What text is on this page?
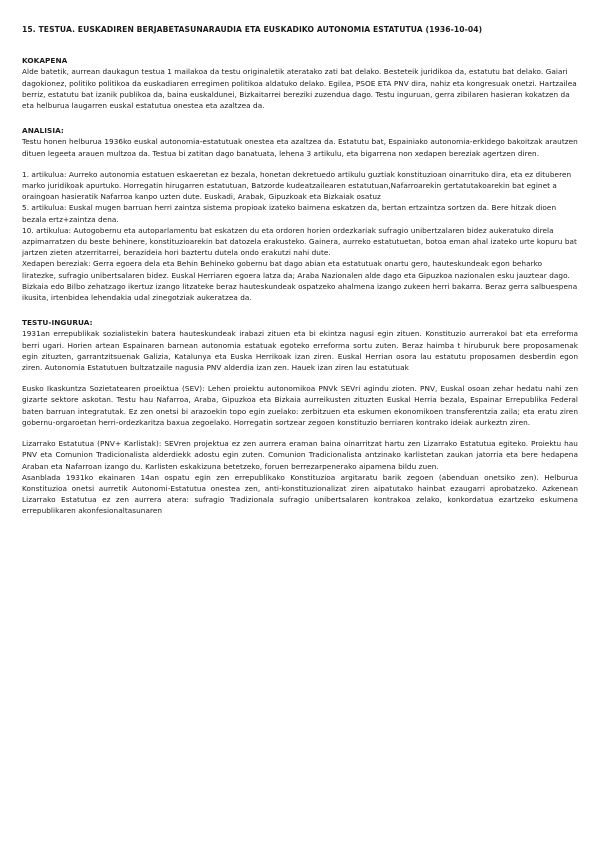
15. TESTUA. EUSKADIREN BERJABETASUNARAUDIA ETA EUSKADIKO AUTONOMIA ESTATUTUA (1936-10-04)

KOKAPENA

Alde batetik, aurrean daukagun testua 1 mailakoa da testu originaletik ateratako zati bat delako. Besteteik juridikoa da, estatutu bat delako. Gaiari dagokionez, politiko politikoa da euskadiaren erregimen politikoa aldatuko delako. Egilea, PSOE ETA PNV dira, nahiz eta kongresuak onetzi. Hartzailea berriz, estatutu bat izanik publikoa da, baina euskaldunei, Bizkaitarrei bereziki zuzendua dago. Testu inguruan, gerra zibilaren hasieran kokatzen da eta helburua laugarren euskal estatutua onestea eta azaltzea da.

ANALISIA:

Testu honen helburua 1936ko euskal autonomia-estatutuak onestea eta azaltzea da. Estatutu bat, Espainiako autonomia-erkidego bakoitzak arautzen dituen legeeta arauen multzoa da. Testua bi zatitan dago banatuata, lehena 3 artikulu, eta bigarrena non xedapen bereziak agertzen diren.

1. artikulua: Aurreko autonomia estatuen eskaeretan ez bezala, honetan dekretuedo artikulu guztiak konstituzioan oinarrituko dira, eta ez dituberen marko juridikoak apurtuko. Horregatin hirugarren estatutuan, Batzorde kudeatzailearen estatutuan,Nafarroarekin gertatutakoarekin bat eginet a oraingoan hasieratik Nafarroa kanpo uzten dute. Euskadi, Arabak, Gipuzkoak eta Bizkaiak osatuz

5. artikulua: Euskal mugen barruan herri zaintza sistema propioak izateko baimena eskatzen da, bertan ertzaintza sortzen da. Bere hitzak dioen bezala ertz+zaintza dena.

10. artikulua: Autogobernu eta autoparlamentu bat eskatzen du eta ordoren horien ordezkariak sufragio unibertzalaren bidez aukeratuko direla azpimarratzen du beste behinere, konstituzioarekin bat datozela erakusteko. Gainera, aurreko estatutuetan, botoa eman ahal izateko urte kopuru bat jartzen zieten atzerritarrei, berazideia hori baztertu dutela ondo erakutzi nahi dute.

Xedapen bereziak: Gerra egoera dela eta Behin Behineko gobernu bat dago abian eta estatutuak onartu gero, hauteskundeak egon beharko liratezke, sufragio unibertsalaren bidez. Euskal Herriaren egoera latza da; Araba Nazionalen alde dago eta Gipuzkoa nazionalen esku jauztear dago. Bizkaia edo Bilbo zehatzago ikertuz izango litzateke beraz hauteskundeak ospatzeko ahalmena izango zukeen herri bakarra. Beraz gerra salbuespena ikusita, irtenbidea lehendakia udal zinegotziak aukeratzea da.

TESTU-INGURUA:

1931an errepublikak sozialistekin batera hauteskundeak irabazi zituen eta bi ekintza nagusi egin zituen. Konstituzio aurrerakoi bat eta erreforma berri ugari. Horien artean Espainaren barnean autonomia estatuak egoteko erreforma sortu zuten. Beraz haimba t hiruburuk bere proposamenak egin zituzten, garrantzitsuenak Galizia, Katalunya eta Euska Herrikoak izan ziren. Euskal Herrian osora lau estatutu proposamen desberdin egon ziren. Autonomia Estatutuen bultzatzaile nagusia PNV alderdia izan zen. Hauek izan ziren lau estatutuak

Eusko Ikaskuntza Sozietatearen proeiktua (SEV): Lehen proiektu autonomikoa PNVk SEVri agindu zioten. PNV, Euskal osoan zehar hedatu nahi zen gizarte sektore askotan. Testu hau Nafarroa, Araba, Gipuzkoa eta Bizkaia aurreikusten zituzten Euskal Herria bezala, Espainar Errepublika Federal baten barruan integratutak. Ez zen onetsi bi arazoekin topo egin zuelako: zerbitzuen eta eskumen ekonomikoen transferentzia zaila; eta eratu ziren gobernu-orgaroetan herri-ordezkaritza baxua zegoelako. Horregatin sortzear zegoen konstituzio berriaren kontrako ideiak aurkeztn ziren.

Lizarrako Estatutua (PNV+ Karlistak): SEVren projektua ez zen aurrera eraman baina oinarritzat hartu zen Lizarrako Estatutua egiteko. Proiektu hau PNV eta Comunion Tradicionalista alderdiekk adostu egin zuten. Comunion Tradicionalista antzinako karlistetan zaukan jatorria eta bere hedapena Araban eta Nafarroan izango du. Karlisten eskakizuna betetzeko, foruen berrezarpenerako aipamena bildu zuen.

Asanblada 1931ko ekainaren 14an ospatu egin zen errepublikako Konstituzioa argitaratu barik zegoen (abenduan onetsiko zen). Helburua Konstituzioa onetsi aurretik Autonomi-Estatutua onestea zen, anti-konstituzionalizat ziren aipatutako hainbat ezaugarri aprobatzeko. Azkenean Lizarrako Estatutua ez zen aurrera atera: sufragio Tradizionala sufragio unibertsalaren kontrakoa zelako, konkordatua ezartzeko eskumena errepublikaren akonfesionaltasunaren
